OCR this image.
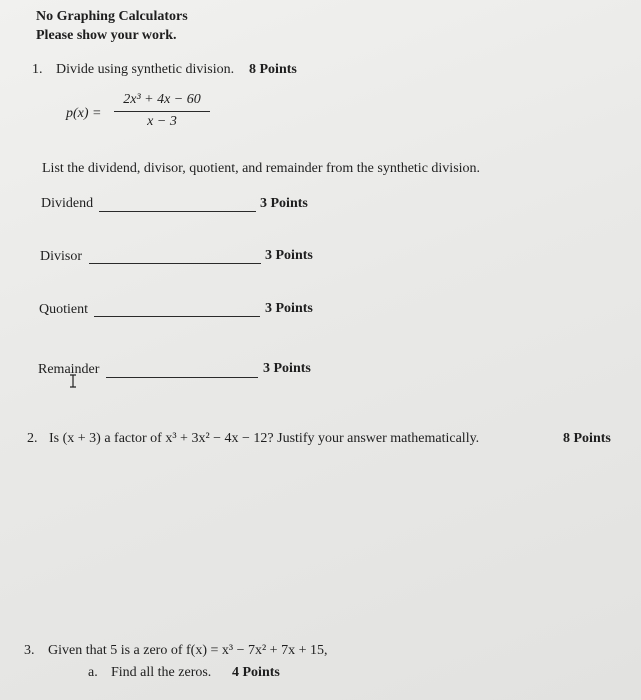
No Graphing Calculators
Please show your work.
1. Divide using synthetic division. 8 Points
p(x) =
2x³ + 4x − 60
x − 3
List the dividend, divisor, quotient, and remainder from the synthetic division.
Dividend	3 Points
Divisor	3 Points
Quotient	3 Points
Remainder	3 Points
2. Is (x + 3) a factor of x³ + 3x² − 4x − 12? Justify your answer mathematically.	8 Points
3. Given that 5 is a zero of f(x) = x³ − 7x² + 7x + 15,
a. Find all the zeros. 4 Points
